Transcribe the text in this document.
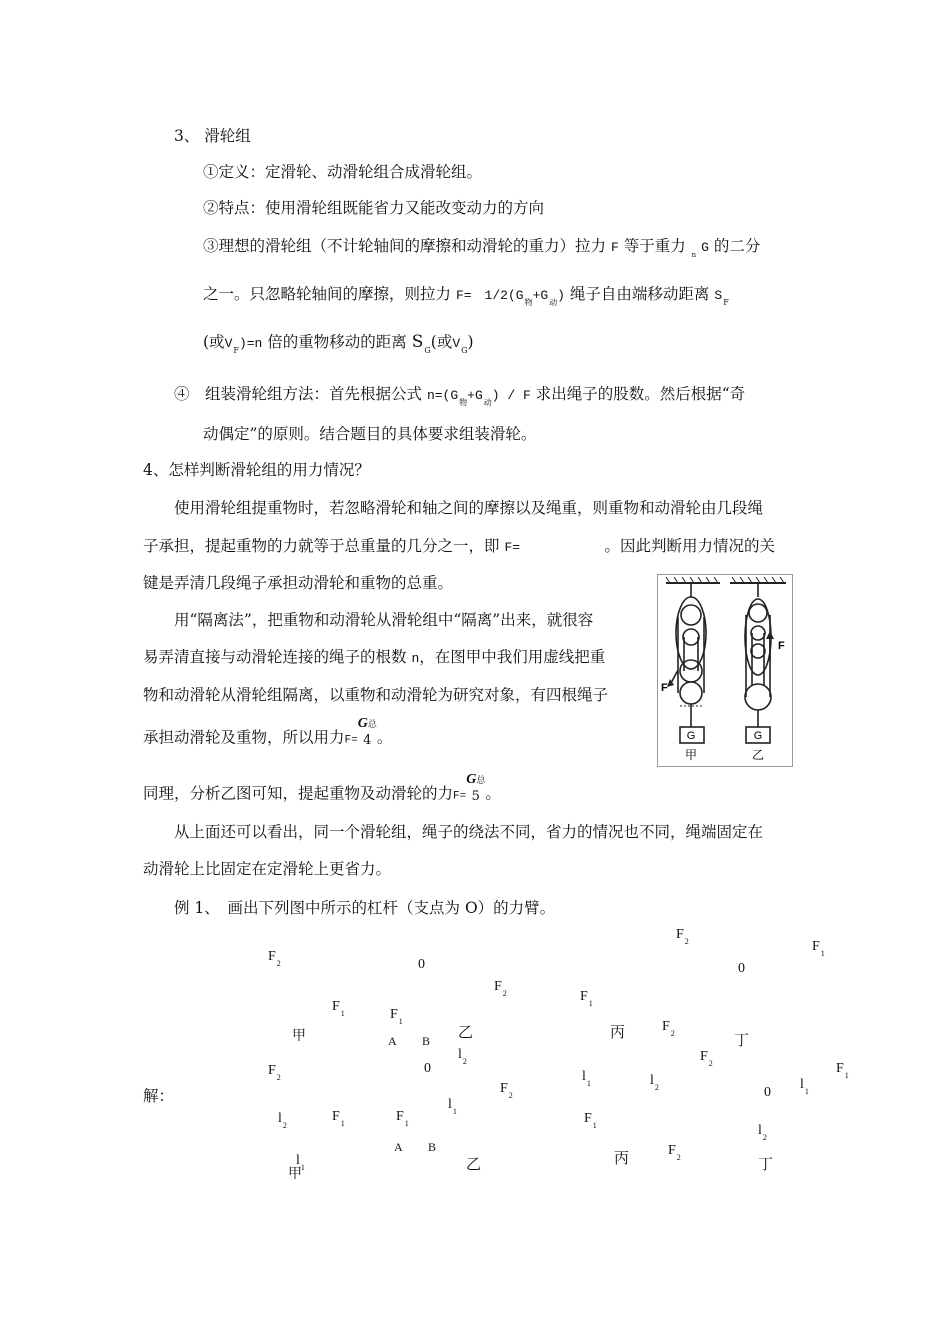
3、 滑轮组
①定义：定滑轮、动滑轮组合成滑轮组。
②特点：使用滑轮组既能省力又能改变动力的方向
③理想的滑轮组（不计轮轴间的摩擦和动滑轮的重力）拉力 F 等于重力 $_n$ G 的二分
之一。只忽略轮轴间的摩擦，则拉力 F=　$1/2(G_物+G_动)$ 绳子自由端移动距离 $S_F$
(或$V_F)=n$ 倍的重物移动的距离 $S_G$(或$V_G$)
④　组装滑轮组方法：首先根据公式 $n=(G_物+G_动) / F$ 求出绳子的股数。然后根据“奇
动偶定”的原则。结合题目的具体要求组装滑轮。
4、怎样判断滑轮组的用力情况？
使用滑轮组提重物时，若忽略滑轮和轴之间的摩擦以及绳重，则重物和动滑轮由几段绳
子承担，提起重物的力就等于总重量的几分之一，即 F=	。因此判断用力情况的关
键是弄清几段绳子承担动滑轮和重物的总重。
用“隔离法”，把重物和动滑轮从滑轮组中“隔离”出来，就很容
易弄清直接与动滑轮连接的绳子的根数 n，在图甲中我们用虚线把重
物和动滑轮从滑轮组隔离，以重物和动滑轮为研究对象，有四根绳子
承担动滑轮及重物，所以用力F=G总
4 。
同理，分析乙图可知，提起重物及动滑轮的力F=G总
5 。
从上面还可以看出，同一个滑轮组，绳子的绕法不同，省力的情况也不同，绳端固定在
动滑轮上比固定在定滑轮上更省力。
例 1、　画出下列图中所示的杠杆（支点为 O）的力臂。
解：
G	G
F
F
甲	乙
$F_2$	0
$F_2$	$F_1$
0
$F_2$	$F_1$
$F_1$	$F_1$	$F_2$
甲	A B 乙	丙	丁
$l_2$	$F_2$
$F_2$
0	$F_1$
$l_1$	$l_2$	$l_1$
0
$F_2$
$l_1$
$l_2$
$F_1$	$F_1$	$F_1$	$l_2$
A B	$F_2$
丙
乙
$l_1$
甲
丁
